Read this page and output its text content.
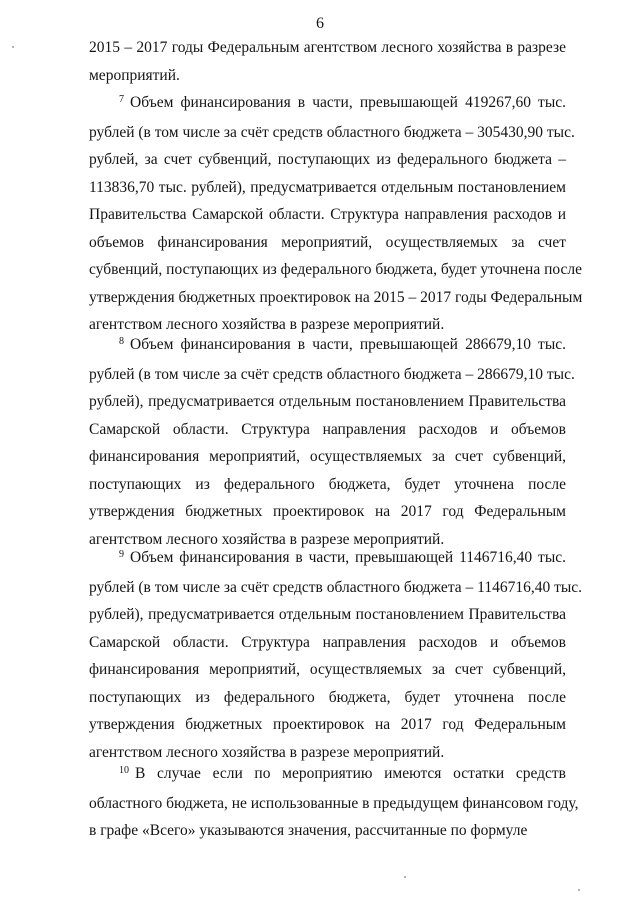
6
2015 – 2017 годы Федеральным агентством лесного хозяйства в разрезе
мероприятий.
$^7$ Объем финансирования в части, превышающей 419267,60 тыс.
рублей (в том числе за счёт средств областного бюджета – 305430,90 тыс.
рублей, за счет субвенций, поступающих из федерального бюджета –
113836,70 тыс. рублей), предусматривается отдельным постановлением
Правительства Самарской области. Структура направления расходов и
объемов финансирования мероприятий, осуществляемых за счет
субвенций, поступающих из федерального бюджета, будет уточнена после
утверждения бюджетных проектировок на 2015 – 2017 годы Федеральным
агентством лесного хозяйства в разрезе мероприятий.
$^8$ Объем финансирования в части, превышающей 286679,10 тыс.
рублей (в том числе за счёт средств областного бюджета – 286679,10 тыс.
рублей), предусматривается отдельным постановлением Правительства
Самарской области. Структура направления расходов и объемов
финансирования мероприятий, осуществляемых за счет субвенций,
поступающих из федерального бюджета, будет уточнена после
утверждения бюджетных проектировок на 2017 год Федеральным
агентством лесного хозяйства в разрезе мероприятий.
$^9$ Объем финансирования в части, превышающей 1146716,40 тыс.
рублей (в том числе за счёт средств областного бюджета – 1146716,40 тыс.
рублей), предусматривается отдельным постановлением Правительства
Самарской области. Структура направления расходов и объемов
финансирования мероприятий, осуществляемых за счет субвенций,
поступающих из федерального бюджета, будет уточнена после
утверждения бюджетных проектировок на 2017 год Федеральным
агентством лесного хозяйства в разрезе мероприятий.
$^{10}$ В случае если по мероприятию имеются остатки средств
областного бюджета, не использованные в предыдущем финансовом году,
в графе «Всего» указываются значения, рассчитанные по формуле
